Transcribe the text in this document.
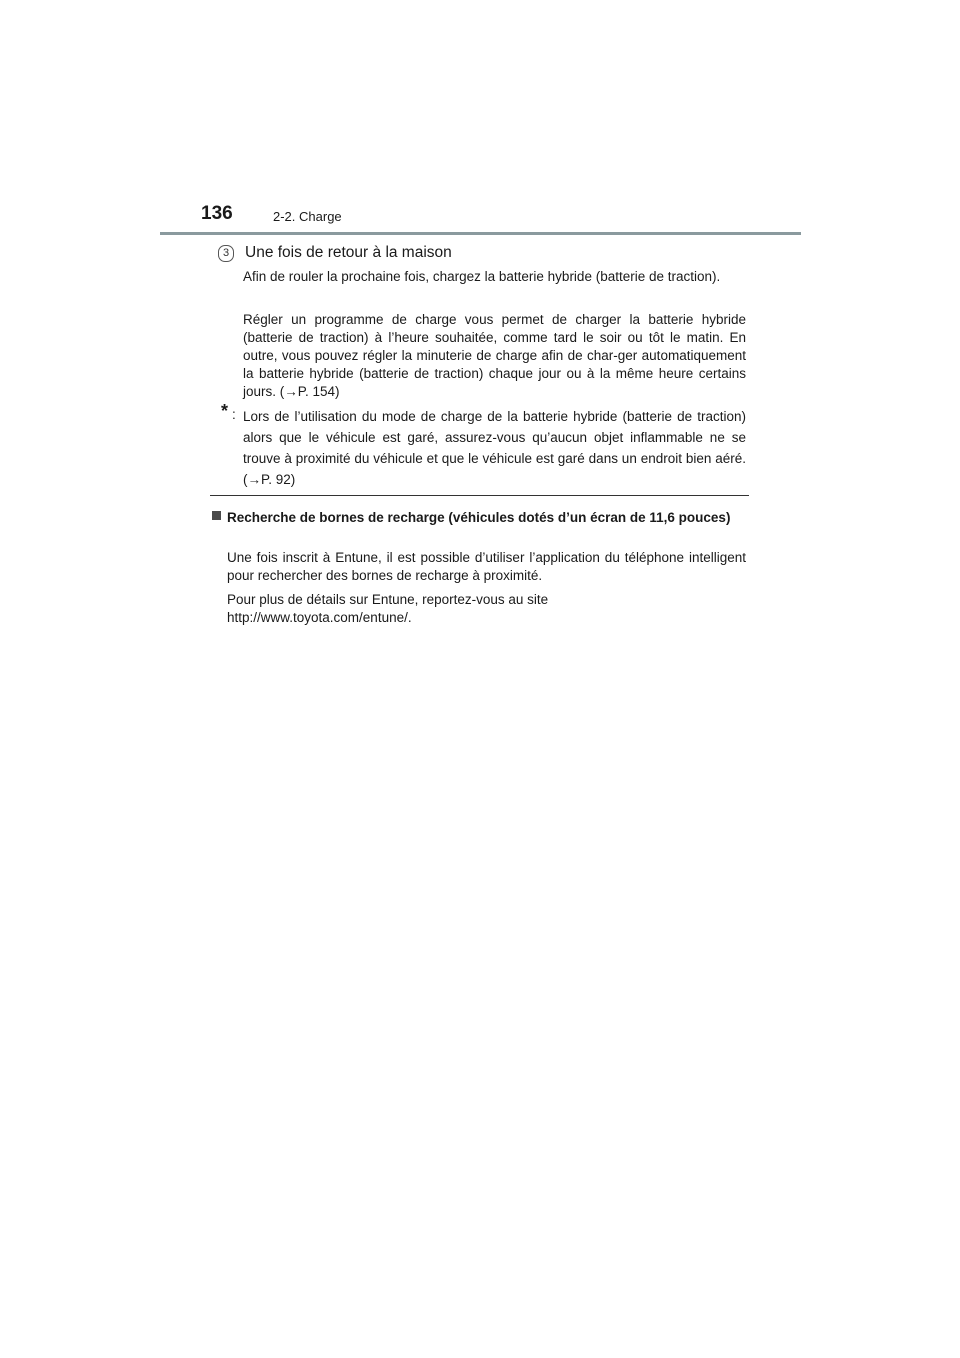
136	2-2. Charge
3	Une fois de retour à la maison

Afin de rouler la prochaine fois, chargez la batterie hybride (batterie de traction).

Régler un programme de charge vous permet de charger la batterie hybride (batterie de traction) à l’heure souhaitée, comme tard le soir ou tôt le matin. En outre, vous pouvez régler la minuterie de charge afin de char-ger automatiquement la batterie hybride (batterie de traction) chaque jour ou à la même heure certains jours. (→P. 154)

* : Lors de l’utilisation du mode de charge de la batterie hybride (batterie de traction) alors que le véhicule est garé, assurez-vous qu’aucun objet inflammable ne se trouve à proximité du véhicule et que le véhicule est garé dans un endroit bien aéré. (→P. 92)

Recherche de bornes de recharge (véhicules dotés d’un écran de 11,6 pouces)

Une fois inscrit à Entune, il est possible d’utiliser l’application du téléphone intelligent pour rechercher des bornes de recharge à proximité.

Pour plus de détails sur Entune, reportez-vous au site
http://www.toyota.com/entune/.
